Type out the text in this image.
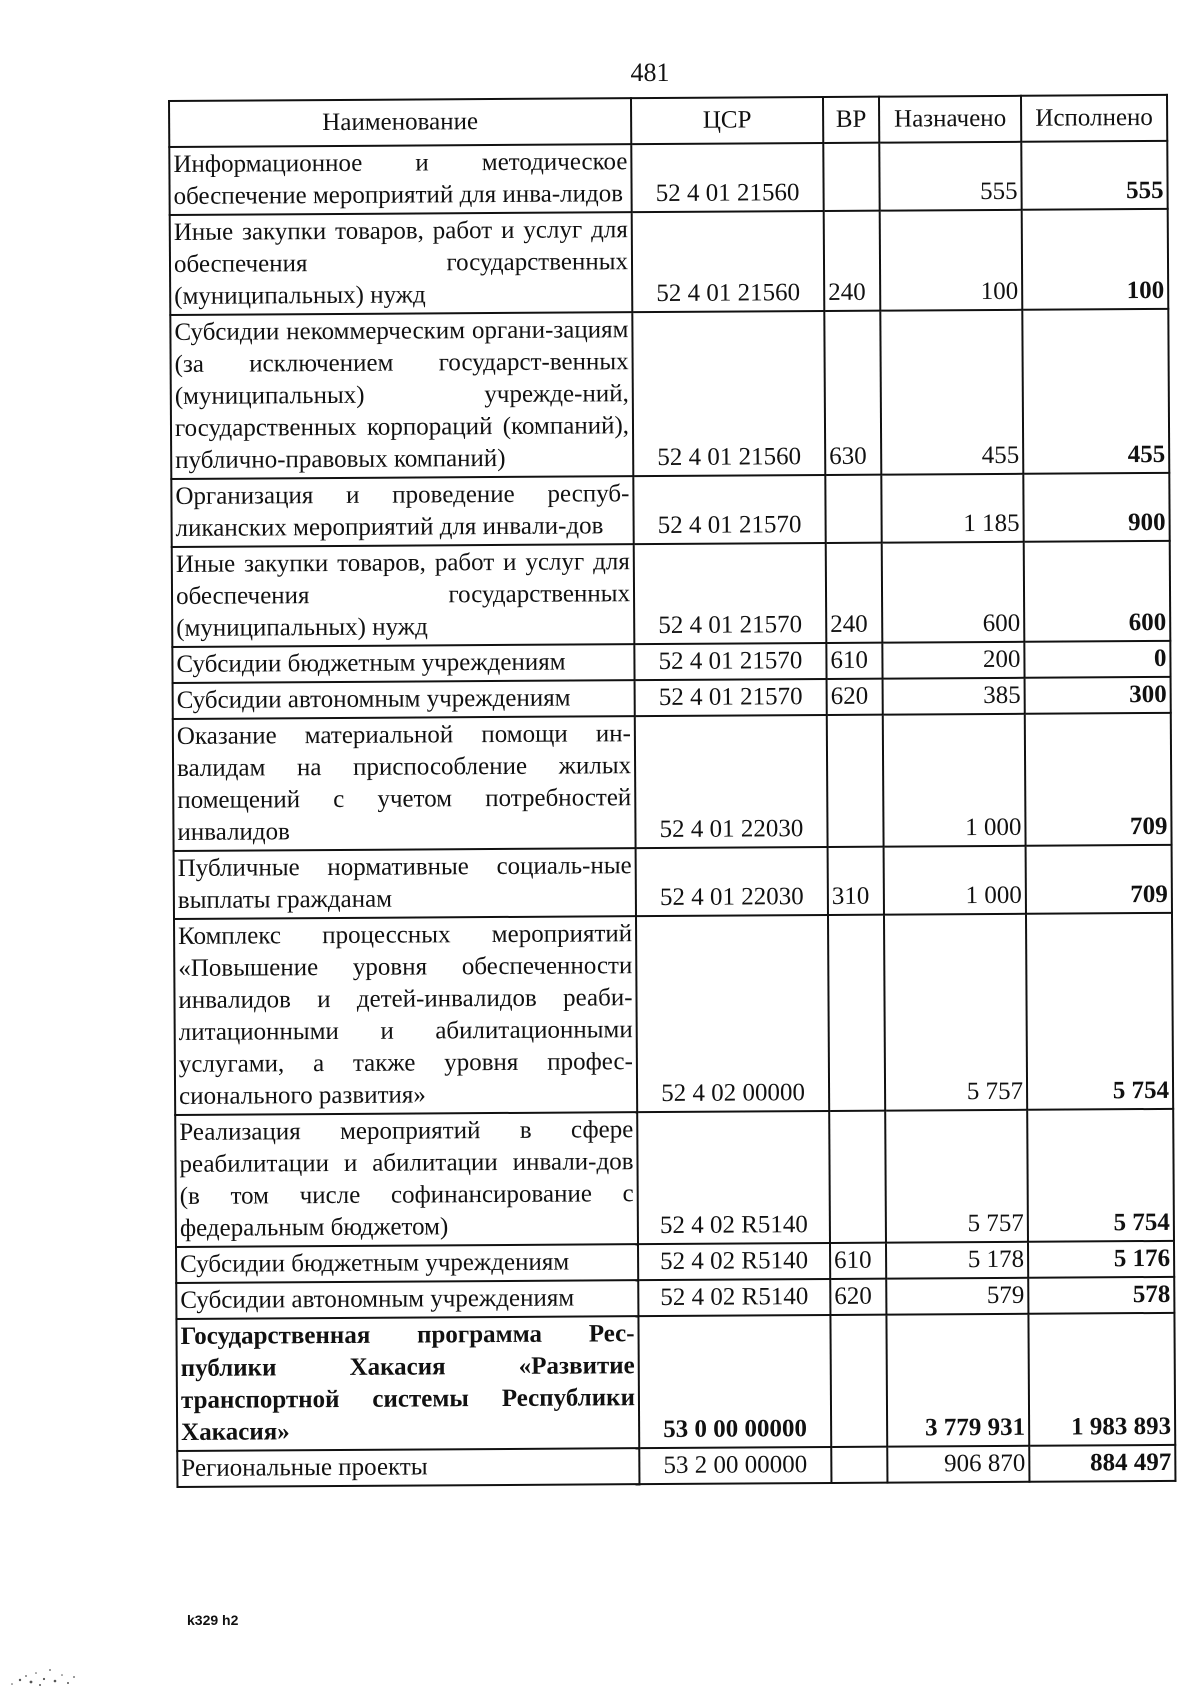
481
Наименование	ЦСР	ВР	Назначено	Исполнено
Информационное и методическое обеспечение мероприятий для инва-лидов	52 4 01 21560		555	555
Иные закупки товаров, работ и услуг для обеспечения государственных (муниципальных) нужд	52 4 01 21560	240	100	100
Субсидии некоммерческим органи-зациям (за исключением государст-венных (муниципальных) учрежде-ний, государственных корпораций (компаний), публично-правовых компаний)	52 4 01 21560	630	455	455
Организация и проведение респуб-ликанских мероприятий для инвали-дов	52 4 01 21570		1 185	900
Иные закупки товаров, работ и услуг для обеспечения государственных (муниципальных) нужд	52 4 01 21570	240	600	600
Субсидии бюджетным учреждениям	52 4 01 21570	610	200	0
Субсидии автономным учреждениям	52 4 01 21570	620	385	300
Оказание материальной помощи ин-валидам на приспособление жилых помещений с учетом потребностей инвалидов	52 4 01 22030		1 000	709
Публичные нормативные социаль-ные выплаты гражданам	52 4 01 22030	310	1 000	709
Комплекс процессных мероприятий «Повышение уровня обеспеченности инвалидов и детей-инвалидов реаби-литационными и абилитационными услугами, а также уровня профес-сионального развития»	52 4 02 00000		5 757	5 754
Реализация мероприятий в сфере реабилитации и абилитации инвали-дов (в том числе софинансирование с федеральным бюджетом)	52 4 02 R5140		5 757	5 754
Субсидии бюджетным учреждениям	52 4 02 R5140	610	5 178	5 176
Субсидии автономным учреждениям	52 4 02 R5140	620	579	578
Государственная программа Рес-публики Хакасия «Развитие транспортной системы Республики Хакасия»	53 0 00 00000		3 779 931	1 983 893
Региональные проекты	53 2 00 00000		906 870	884 497
k329 h2
